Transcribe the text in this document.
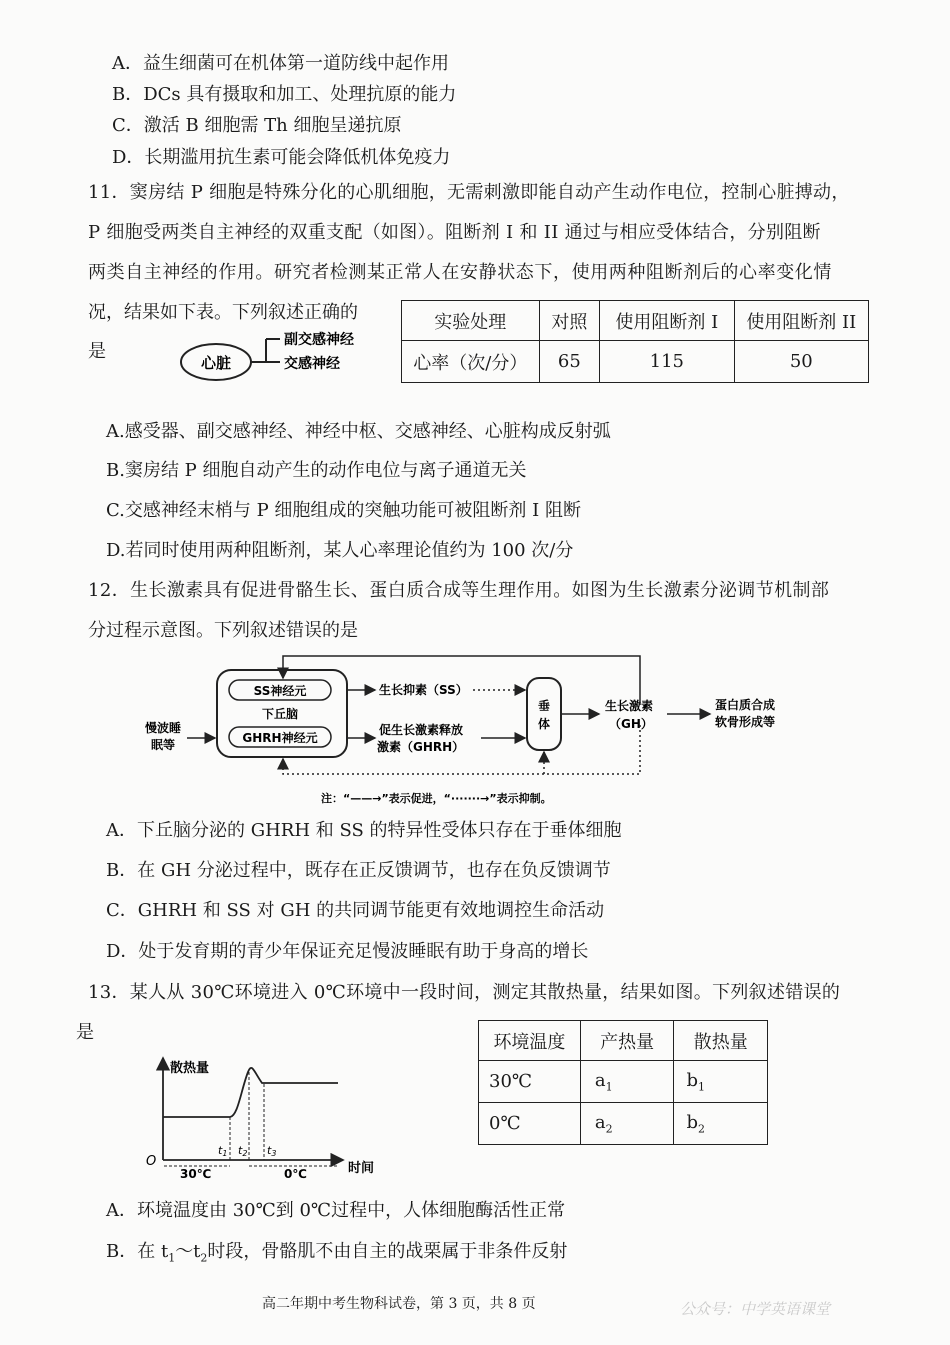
A．益生细菌可在机体第一道防线中起作用
B．DCs 具有摄取和加工、处理抗原的能力
C．激活 B 细胞需 Th 细胞呈递抗原
D．长期滥用抗生素可能会降低机体免疫力
11．窦房结 P 细胞是特殊分化的心肌细胞，无需刺激即能自动产生动作电位，控制心脏搏动，
P 细胞受两类自主神经的双重支配（如图）。阻断剂 I 和 II 通过与相应受体结合，分别阻断
两类自主神经的作用。研究者检测某正常人在安静状态下，使用两种阻断剂后的心率变化情
况，结果如下表。下列叙述正确的
是
心脏
副交感神经
交感神经
实验处理	对照	使用阻断剂 I	使用阻断剂 II
心率（次/分）	65	115	50
A.感受器、副交感神经、神经中枢、交感神经、心脏构成反射弧
B.窦房结 P 细胞自动产生的动作电位与离子通道无关
C.交感神经末梢与 P 细胞组成的突触功能可被阻断剂 I 阻断
D.若同时使用两种阻断剂，某人心率理论值约为 100 次/分
12．生长激素具有促进骨骼生长、蛋白质合成等生理作用。如图为生长激素分泌调节机制部
分过程示意图。下列叙述错误的是
SS神经元
下丘脑
GHRH神经元
慢波睡
眠等
生长抑素（SS）
促生长激素释放
激素（GHRH）
垂
体
生长激素
（GH）
蛋白质合成
软骨形成等
注：“——→”表示促进，“·······→”表示抑制。
A．下丘脑分泌的 GHRH 和 SS 的特异性受体只存在于垂体细胞
B．在 GH 分泌过程中，既存在正反馈调节，也存在负反馈调节
C．GHRH 和 SS 对 GH 的共同调节能更有效地调控生命活动
D．处于发育期的青少年保证充足慢波睡眠有助于身高的增长
13．某人从 30℃环境进入 0℃环境中一段时间，测定其散热量，结果如图。下列叙述错误的
是
散热量
时间
O
t1 t2 t3
30℃	0℃
环境温度	产热量	散热量
30℃	$a_1$	$b_1$
0℃	$a_2$	$b_2$
A．环境温度由 30℃到 0℃过程中，人体细胞酶活性正常
B．在 $t_1\sim t_2$时段，骨骼肌不由自主的战栗属于非条件反射
高二年期中考生物科试卷，第 3 页，共 8 页	公众号：中学英语课堂
